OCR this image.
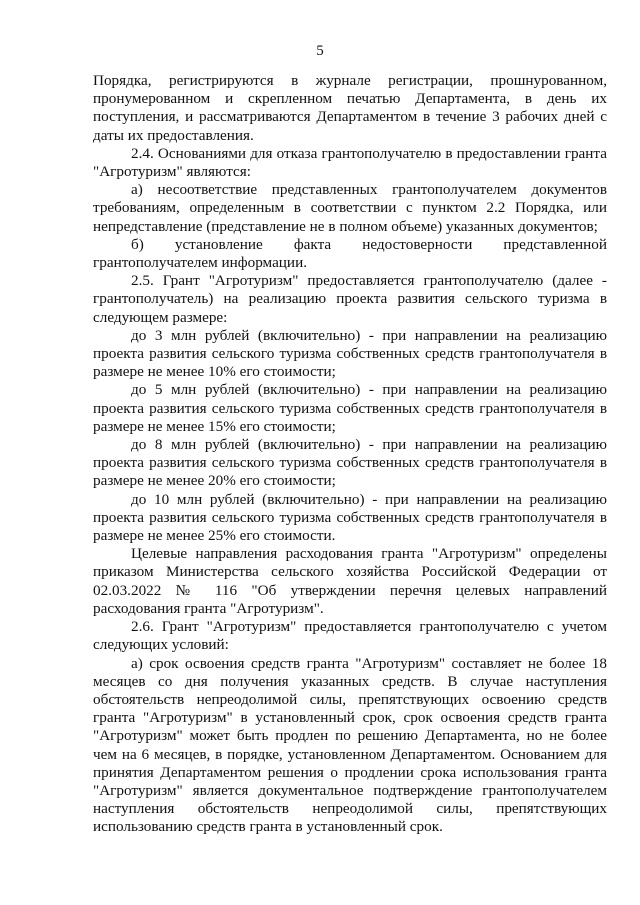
5

Порядка, регистрируются в журнале регистрации, прошнурованном, пронумерованном и скрепленном печатью Департамента, в день их поступления, и рассматриваются Департаментом в течение 3 рабочих дней с даты их предоставления.

2.4. Основаниями для отказа грантополучателю в предоставлении гранта "Агротуризм" являются:

а) несоответствие представленных грантополучателем документов требованиям, определенным в соответствии с пунктом 2.2 Порядка, или непредставление (представление не в полном объеме) указанных документов;

б) установление факта недостоверности представленной грантополучателем информации.

2.5. Грант "Агротуризм" предоставляется грантополучателю (далее - грантополучатель) на реализацию проекта развития сельского туризма в следующем размере:

до 3 млн рублей (включительно) - при направлении на реализацию проекта развития сельского туризма собственных средств грантополучателя в размере не менее 10% его стоимости;

до 5 млн рублей (включительно) - при направлении на реализацию проекта развития сельского туризма собственных средств грантополучателя в размере не менее 15% его стоимости;

до 8 млн рублей (включительно) - при направлении на реализацию проекта развития сельского туризма собственных средств грантополучателя в размере не менее 20% его стоимости;

до 10 млн рублей (включительно) - при направлении на реализацию проекта развития сельского туризма собственных средств грантополучателя в размере не менее 25% его стоимости.

Целевые направления расходования гранта "Агротуризм" определены приказом Министерства сельского хозяйства Российской Федерации от 02.03.2022 № 116 "Об утверждении перечня целевых направлений расходования гранта "Агротуризм".

2.6. Грант "Агротуризм" предоставляется грантополучателю с учетом следующих условий:

а) срок освоения средств гранта "Агротуризм" составляет не более 18 месяцев со дня получения указанных средств. В случае наступления обстоятельств непреодолимой силы, препятствующих освоению средств гранта "Агротуризм" в установленный срок, срок освоения средств гранта "Агротуризм" может быть продлен по решению Департамента, но не более чем на 6 месяцев, в порядке, установленном Департаментом. Основанием для принятия Департаментом решения о продлении срока использования гранта "Агротуризм" является документальное подтверждение грантополучателем наступления обстоятельств непреодолимой силы, препятствующих использованию средств гранта в установленный срок.
